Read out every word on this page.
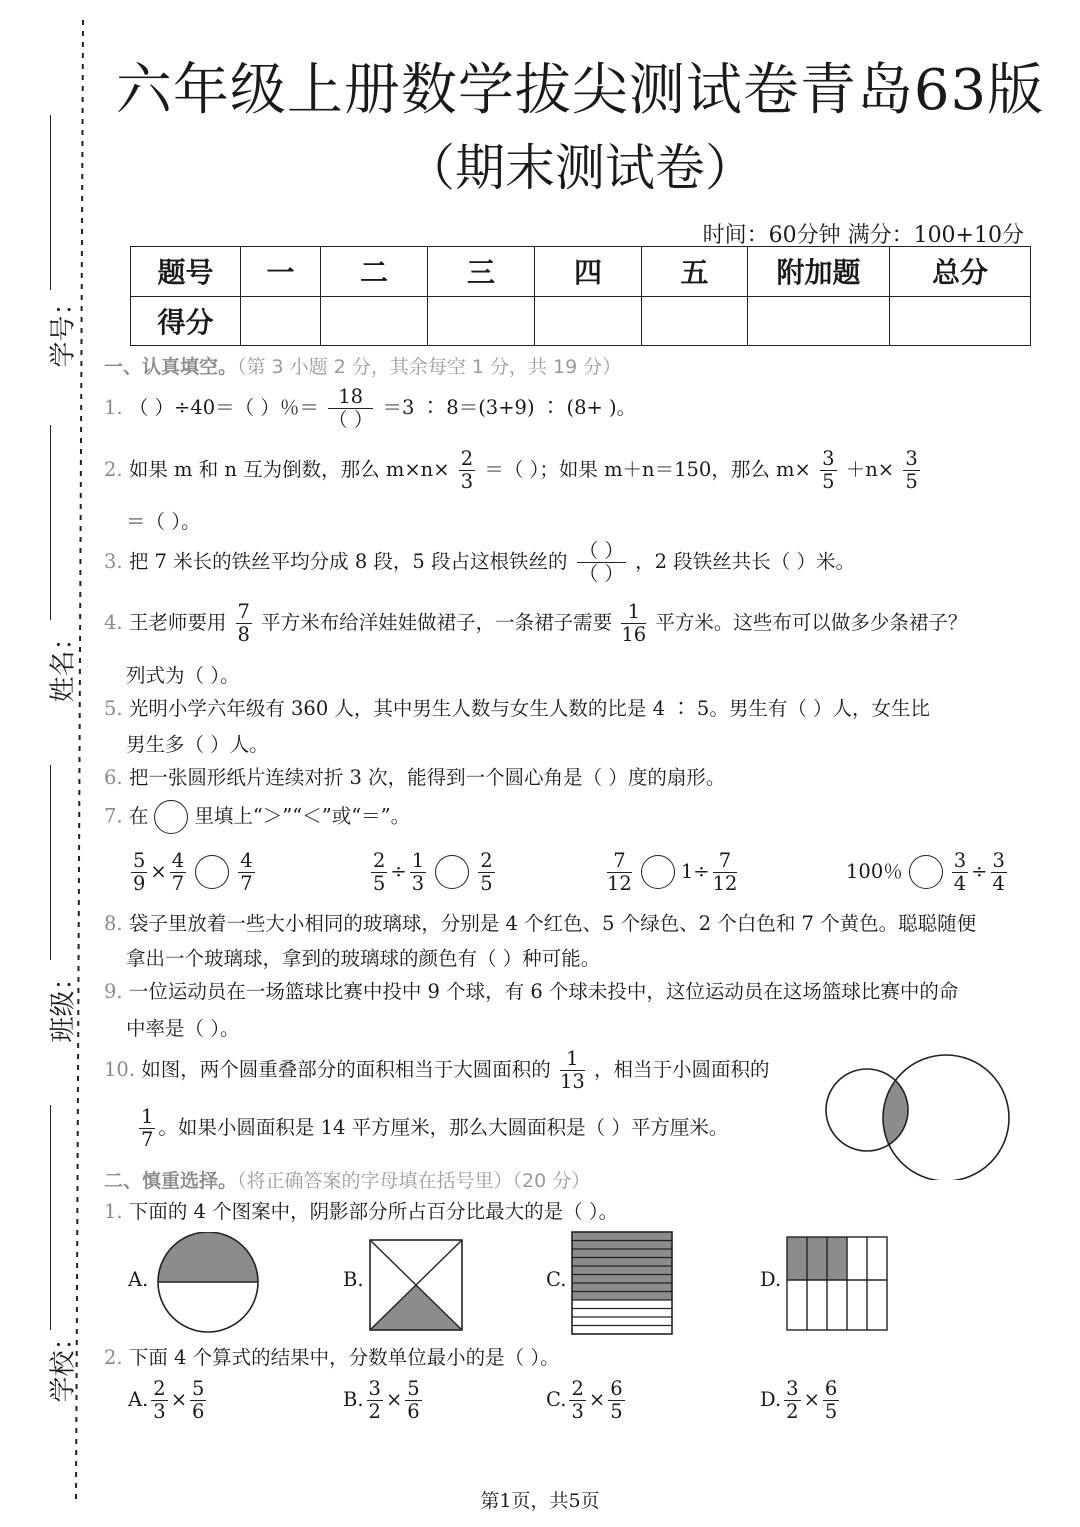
学号：
姓名：
班级：
学校：
六年级上册数学拔尖测试卷青岛63版
（期末测试卷）
时间：60分钟 满分：100+10分
题号	一	二	三	四	五	附加题	总分
得分							
一、认真填空。（第 3 小题 2 分，其余每空 1 分，共 19 分）
1. （ ）÷40＝（ ）％＝ $\frac{18}{( )} =3$ ∶ 8＝(3+9) ∶ (8+ )。
2. 如果 m 和 n 互为倒数，那么 $m\times n\times \frac{2}{3}$ ＝（ ）；如果 m＋n＝150，那么 $m\times \frac{3}{5} +n\times \frac{3}{5}$
＝（ ）。
3. 把 7 米长的铁丝平均分成 8 段，5 段占这根铁丝的 $\frac{( )}{( )}$ ，2 段铁丝共长（ ）米。
4. 王老师要用 $\frac{7}{8}$ 平方米布给洋娃娃做裙子，一条裙子需要 $\frac{1}{16}$ 平方米。这些布可以做多少条裙子？
列式为（ ）。
5. 光明小学六年级有 360 人，其中男生人数与女生人数的比是 4 ∶ 5。男生有（ ）人，女生比
男生多（ ）人。
6. 把一张圆形纸片连续对折 3 次，能得到一个圆心角是（ ）度的扇形。
7. 在 里填上“＞”“＜”或“＝”。
$\frac{5}{9} \times \frac{4}{7}$	$\frac{4}{7}$	$\frac{2}{5} \div \frac{1}{3}$	$\frac{2}{5}$	$\frac{7}{12}$	$1\div \frac{7}{12}$	100％	$\frac{3}{4} \div \frac{3}{4}$
8. 袋子里放着一些大小相同的玻璃球，分别是 4 个红色、5 个绿色、2 个白色和 7 个黄色。聪聪随便
拿出一个玻璃球，拿到的玻璃球的颜色有（ ）种可能。
9. 一位运动员在一场篮球比赛中投中 9 个球，有 6 个球未投中，这位运动员在这场篮球比赛中的命
中率是（ ）。
10. 如图，两个圆重叠部分的面积相当于大圆面积的 $\frac{1}{13}$ ，相当于小圆面积的
$\frac{1}{7}$ 。如果小圆面积是 14 平方厘米，那么大圆面积是（ ）平方厘米。
二、慎重选择。（将正确答案的字母填在括号里）（20 分）
1. 下面的 4 个图案中，阴影部分所占百分比最大的是（ ）。
A.	B.	C.	D.
2. 下面 4 个算式的结果中，分数单位最小的是（ ）。
A. $\frac{2}{3} \times \frac{5}{6}$	B. $\frac{3}{2} \times \frac{5}{6}$	C. $\frac{2}{3} \times \frac{6}{5}$	D. $\frac{3}{2} \times \frac{6}{5}$
第1页，共5页
